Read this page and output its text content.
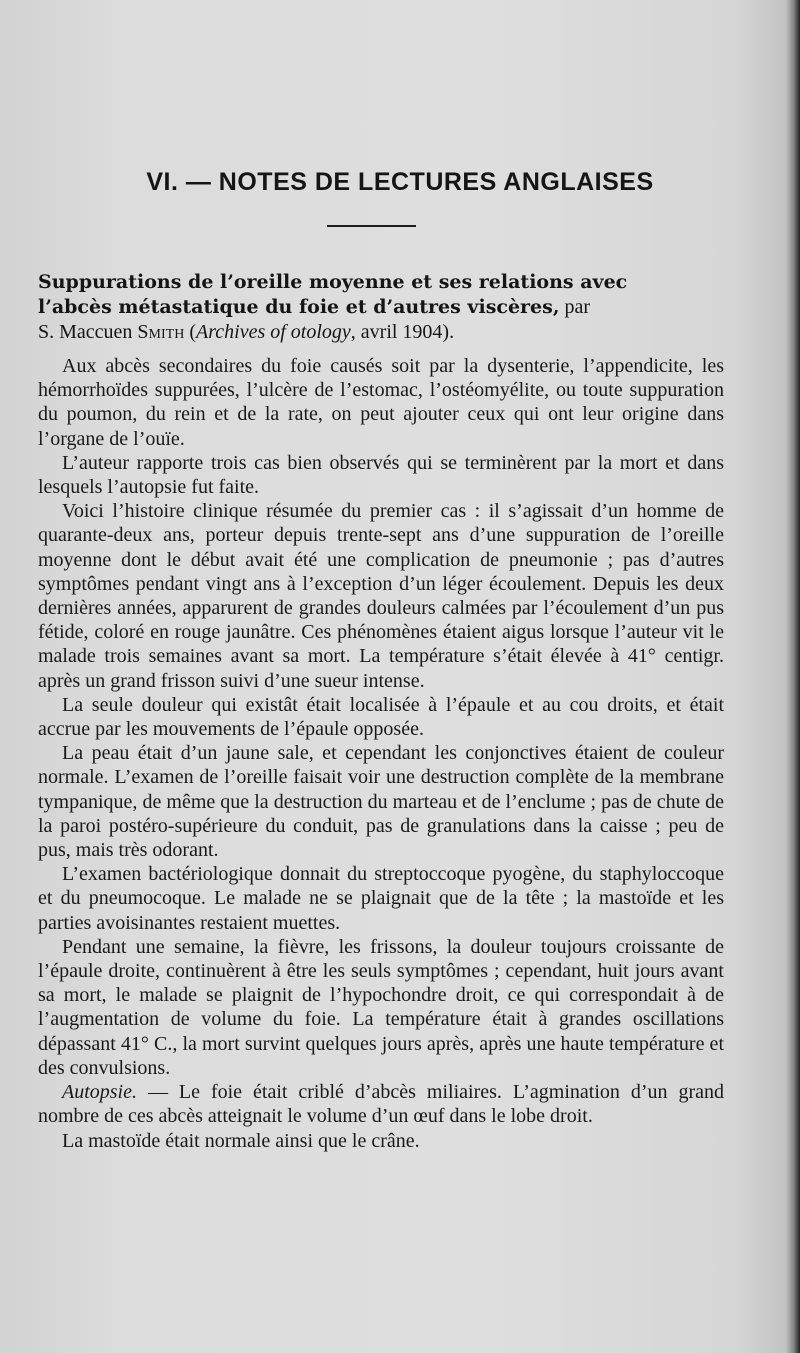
VI. — NOTES DE LECTURES ANGLAISES
Suppurations de l’oreille moyenne et ses relations avec
l’abcès métastatique du foie et d’autres viscères, par
S. Maccuen Smith (Archives of otology, avril 1904).

Aux abcès secondaires du foie causés soit par la dysenterie, l’appendicite, les hémorrhoïdes suppurées, l’ulcère de l’estomac, l’ostéomyélite, ou toute suppuration du poumon, du rein et de la rate, on peut ajouter ceux qui ont leur origine dans l’organe de l’ouïe.

L’auteur rapporte trois cas bien observés qui se terminèrent par la mort et dans lesquels l’autopsie fut faite.

Voici l’histoire clinique résumée du premier cas : il s’agissait d’un homme de quarante-deux ans, porteur depuis trente-sept ans d’une suppuration de l’oreille moyenne dont le début avait été une complication de pneumonie ; pas d’autres symptômes pendant vingt ans à l’exception d’un léger écoulement. Depuis les deux dernières années, apparurent de grandes douleurs calmées par l’écoulement d’un pus fétide, coloré en rouge jaunâtre. Ces phénomènes étaient aigus lorsque l’auteur vit le malade trois semaines avant sa mort. La température s’était élevée à 41° centigr. après un grand frisson suivi d’une sueur intense.

La seule douleur qui existât était localisée à l’épaule et au cou droits, et était accrue par les mouvements de l’épaule opposée.

La peau était d’un jaune sale, et cependant les conjonctives étaient de couleur normale. L’examen de l’oreille faisait voir une destruction complète de la membrane tympanique, de même que la destruction du marteau et de l’enclume ; pas de chute de la paroi postéro-supérieure du conduit, pas de granulations dans la caisse ; peu de pus, mais très odorant.

L’examen bactériologique donnait du streptoccoque pyogène, du staphyloccoque et du pneumocoque. Le malade ne se plaignait que de la tête ; la mastoïde et les parties avoisinantes restaient muettes.

Pendant une semaine, la fièvre, les frissons, la douleur toujours croissante de l’épaule droite, continuèrent à être les seuls symptômes ; cependant, huit jours avant sa mort, le malade se plaignit de l’hypochondre droit, ce qui correspondait à de l’augmentation de volume du foie. La température était à grandes oscillations dépassant 41° C., la mort survint quelques jours après, après une haute température et des convulsions.

Autopsie. — Le foie était criblé d’abcès miliaires. L’agmination d’un grand nombre de ces abcès atteignait le volume d’un œuf dans le lobe droit.

La mastoïde était normale ainsi que le crâne.
